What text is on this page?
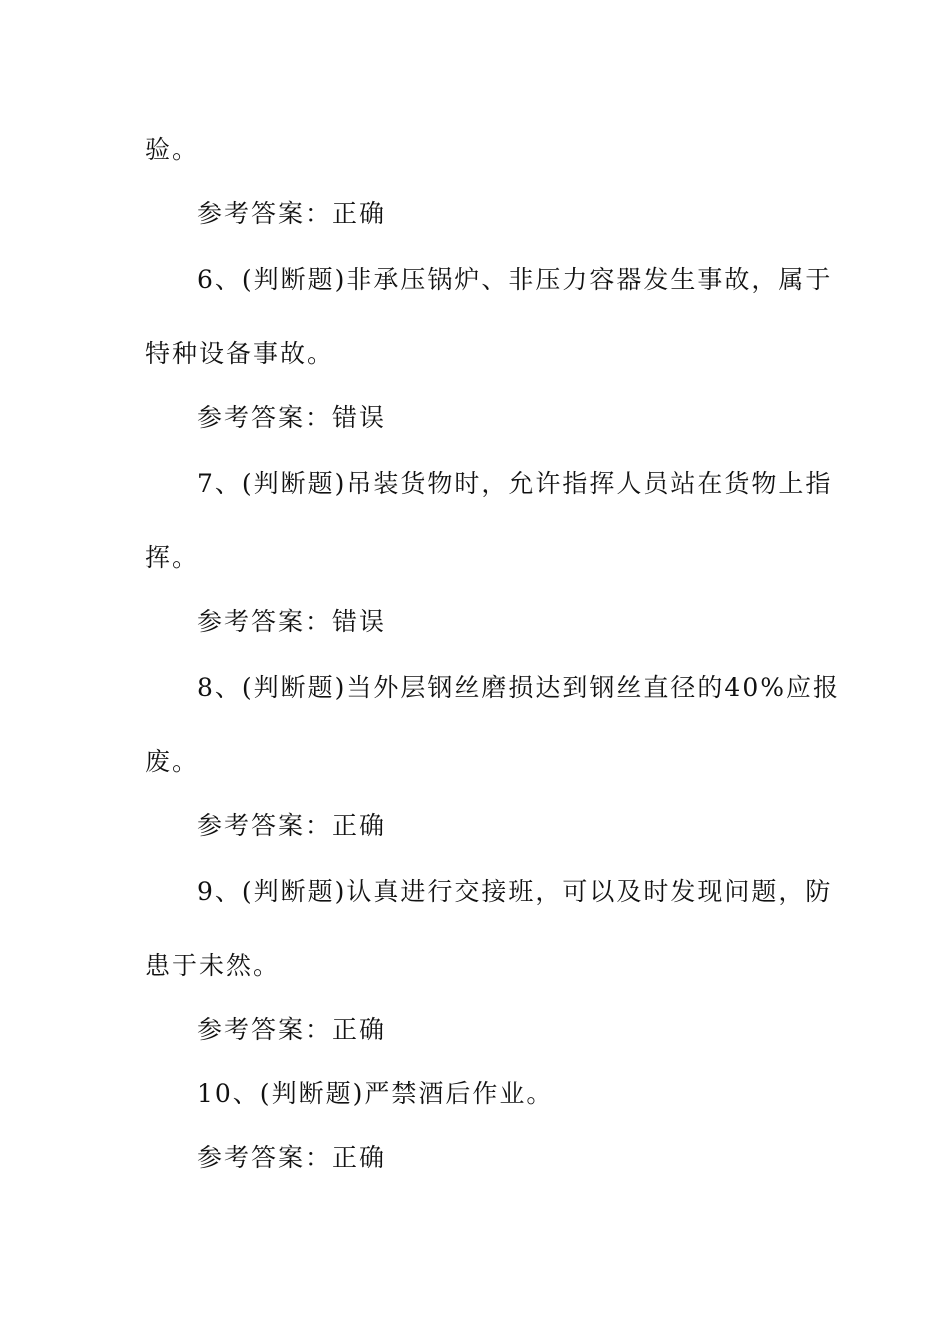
验。
参考答案：正确
6、(判断题)非承压锅炉、非压力容器发生事故，属于
特种设备事故。
参考答案：错误
7、(判断题)吊装货物时，允许指挥人员站在货物上指
挥。
参考答案：错误
8、(判断题)当外层钢丝磨损达到钢丝直径的40%应报
废。
参考答案：正确
9、(判断题)认真进行交接班，可以及时发现问题，防
患于未然。
参考答案：正确
10、(判断题)严禁酒后作业。
参考答案：正确
